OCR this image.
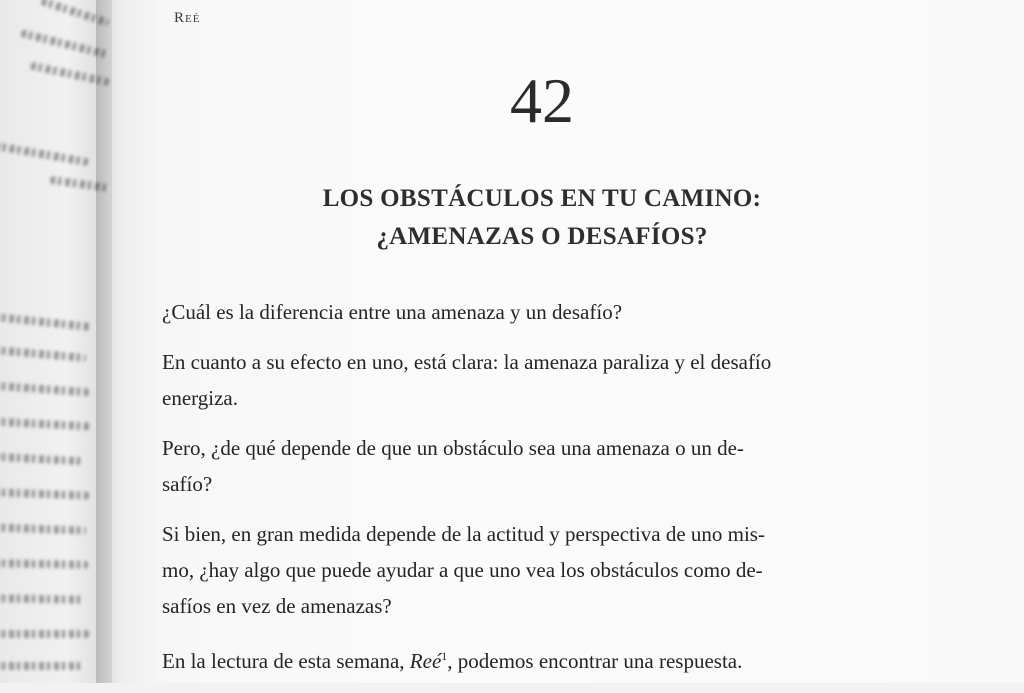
Reé
42
LOS OBSTÁCULOS EN TU CAMINO:
¿AMENAZAS O DESAFÍOS?

¿Cuál es la diferencia entre una amenaza y un desafío?

En cuanto a su efecto en uno, está clara: la amenaza paraliza y el desafío
energiza.

Pero, ¿de qué depende de que un obstáculo sea una amenaza o un de-
safío?

Si bien, en gran medida depende de la actitud y perspectiva de uno mis-
mo, ¿hay algo que puede ayudar a que uno vea los obstáculos como de-
safíos en vez de amenazas?

En la lectura de esta semana, Reé$^1$, podemos encontrar una respuesta.
